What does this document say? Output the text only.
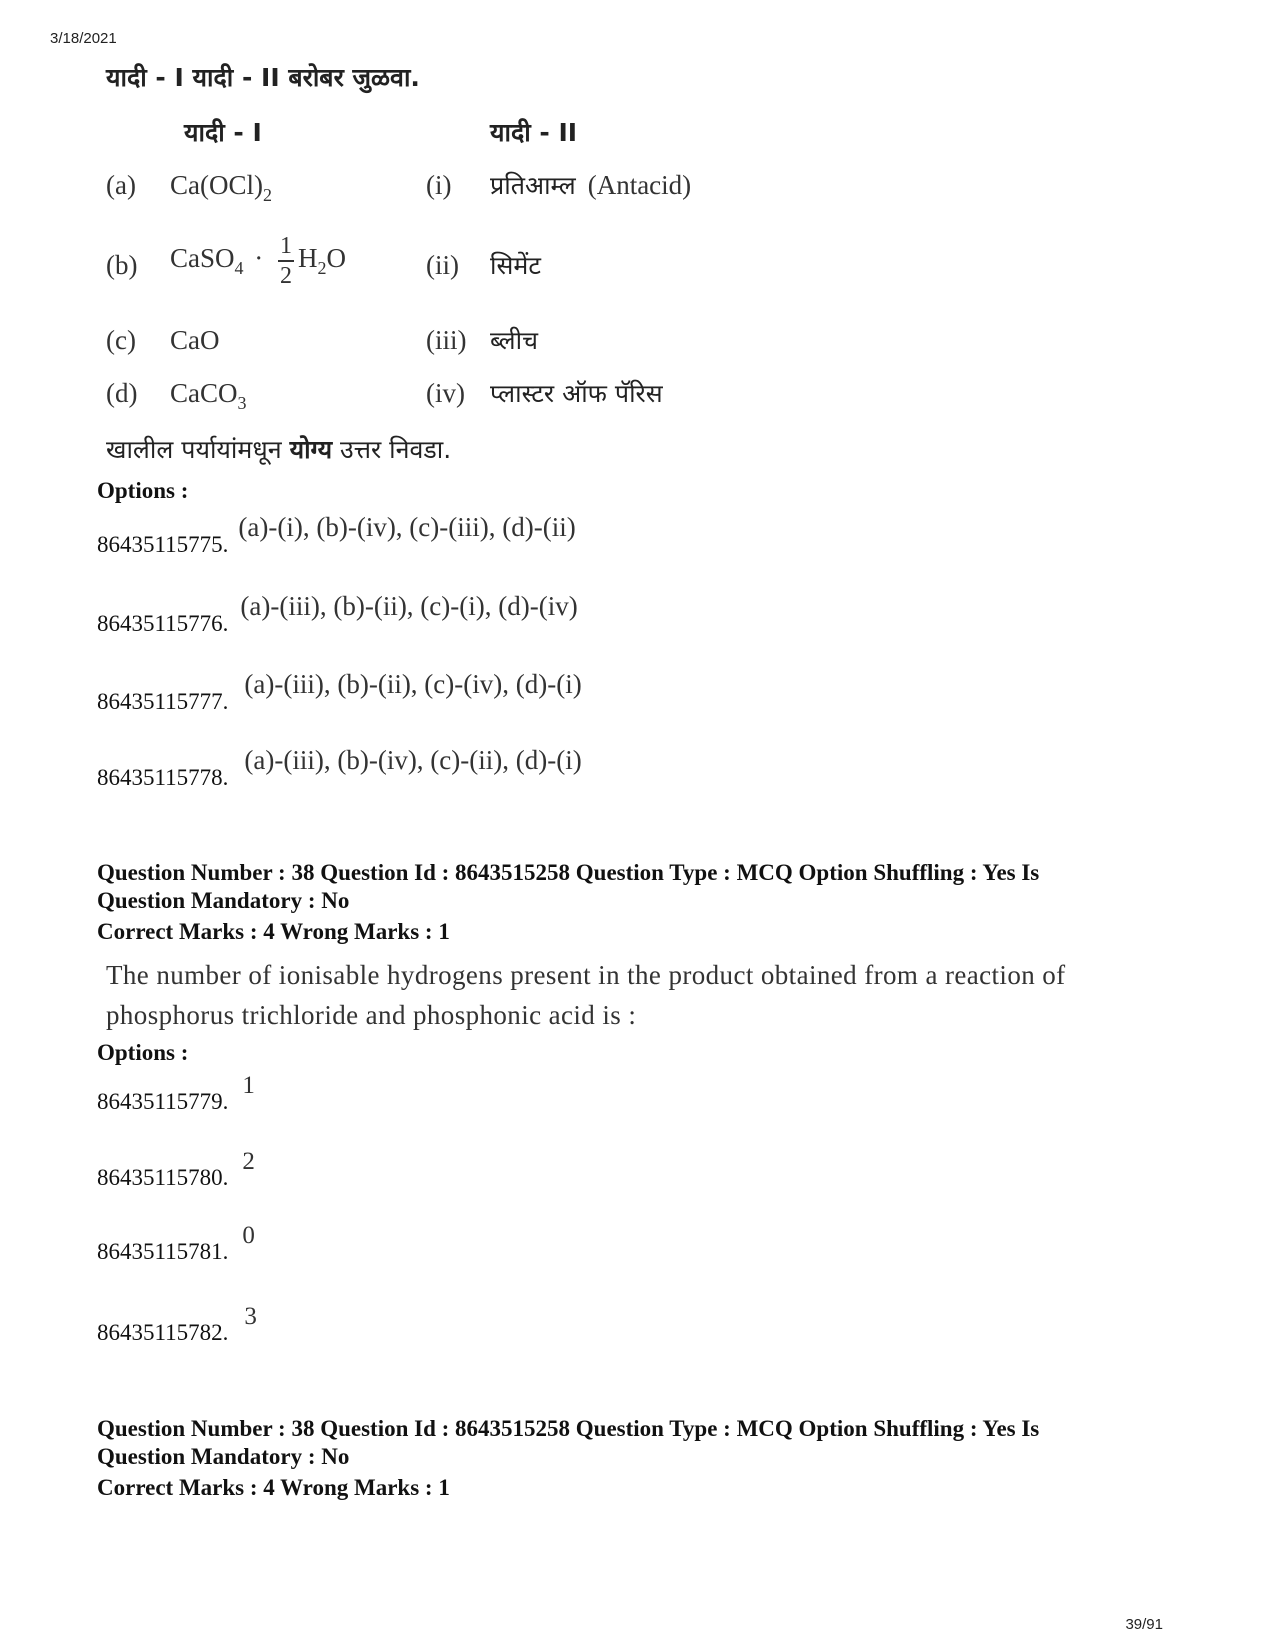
3/18/2021
यादी - I यादी - II बरोबर जुळवा.
यादी - I	यादी - II
(a) $Ca(OCl)_2$	(i) प्रतिआम्ल (Antacid)
(b) CaSO$_4$ · $\frac{1}{2} H_2O$	(ii) सिमेंट
(c) CaO	(iii) ब्लीच
(d) CaCO$_3$	(iv) प्लास्टर ऑफ पॅरिस
खालील पर्यायांमधून योग्य उत्तर निवडा.
Options :
86435115775. (a)-(i), (b)-(iv), (c)-(iii), (d)-(ii)
86435115776. (a)-(iii), (b)-(ii), (c)-(i), (d)-(iv)
86435115777. (a)-(iii), (b)-(ii), (c)-(iv), (d)-(i)
86435115778. (a)-(iii), (b)-(iv), (c)-(ii), (d)-(i)
Question Number : 38 Question Id : 8643515258 Question Type : MCQ Option Shuffling : Yes Is
Question Mandatory : No
Correct Marks : 4 Wrong Marks : 1
The number of ionisable hydrogens present in the product obtained from a reaction of
phosphorus trichloride and phosphonic acid is :
Options :
86435115779. 1
86435115780. 2
86435115781. 0
86435115782. 3
Question Number : 38 Question Id : 8643515258 Question Type : MCQ Option Shuffling : Yes Is
Question Mandatory : No
Correct Marks : 4 Wrong Marks : 1
39/91
